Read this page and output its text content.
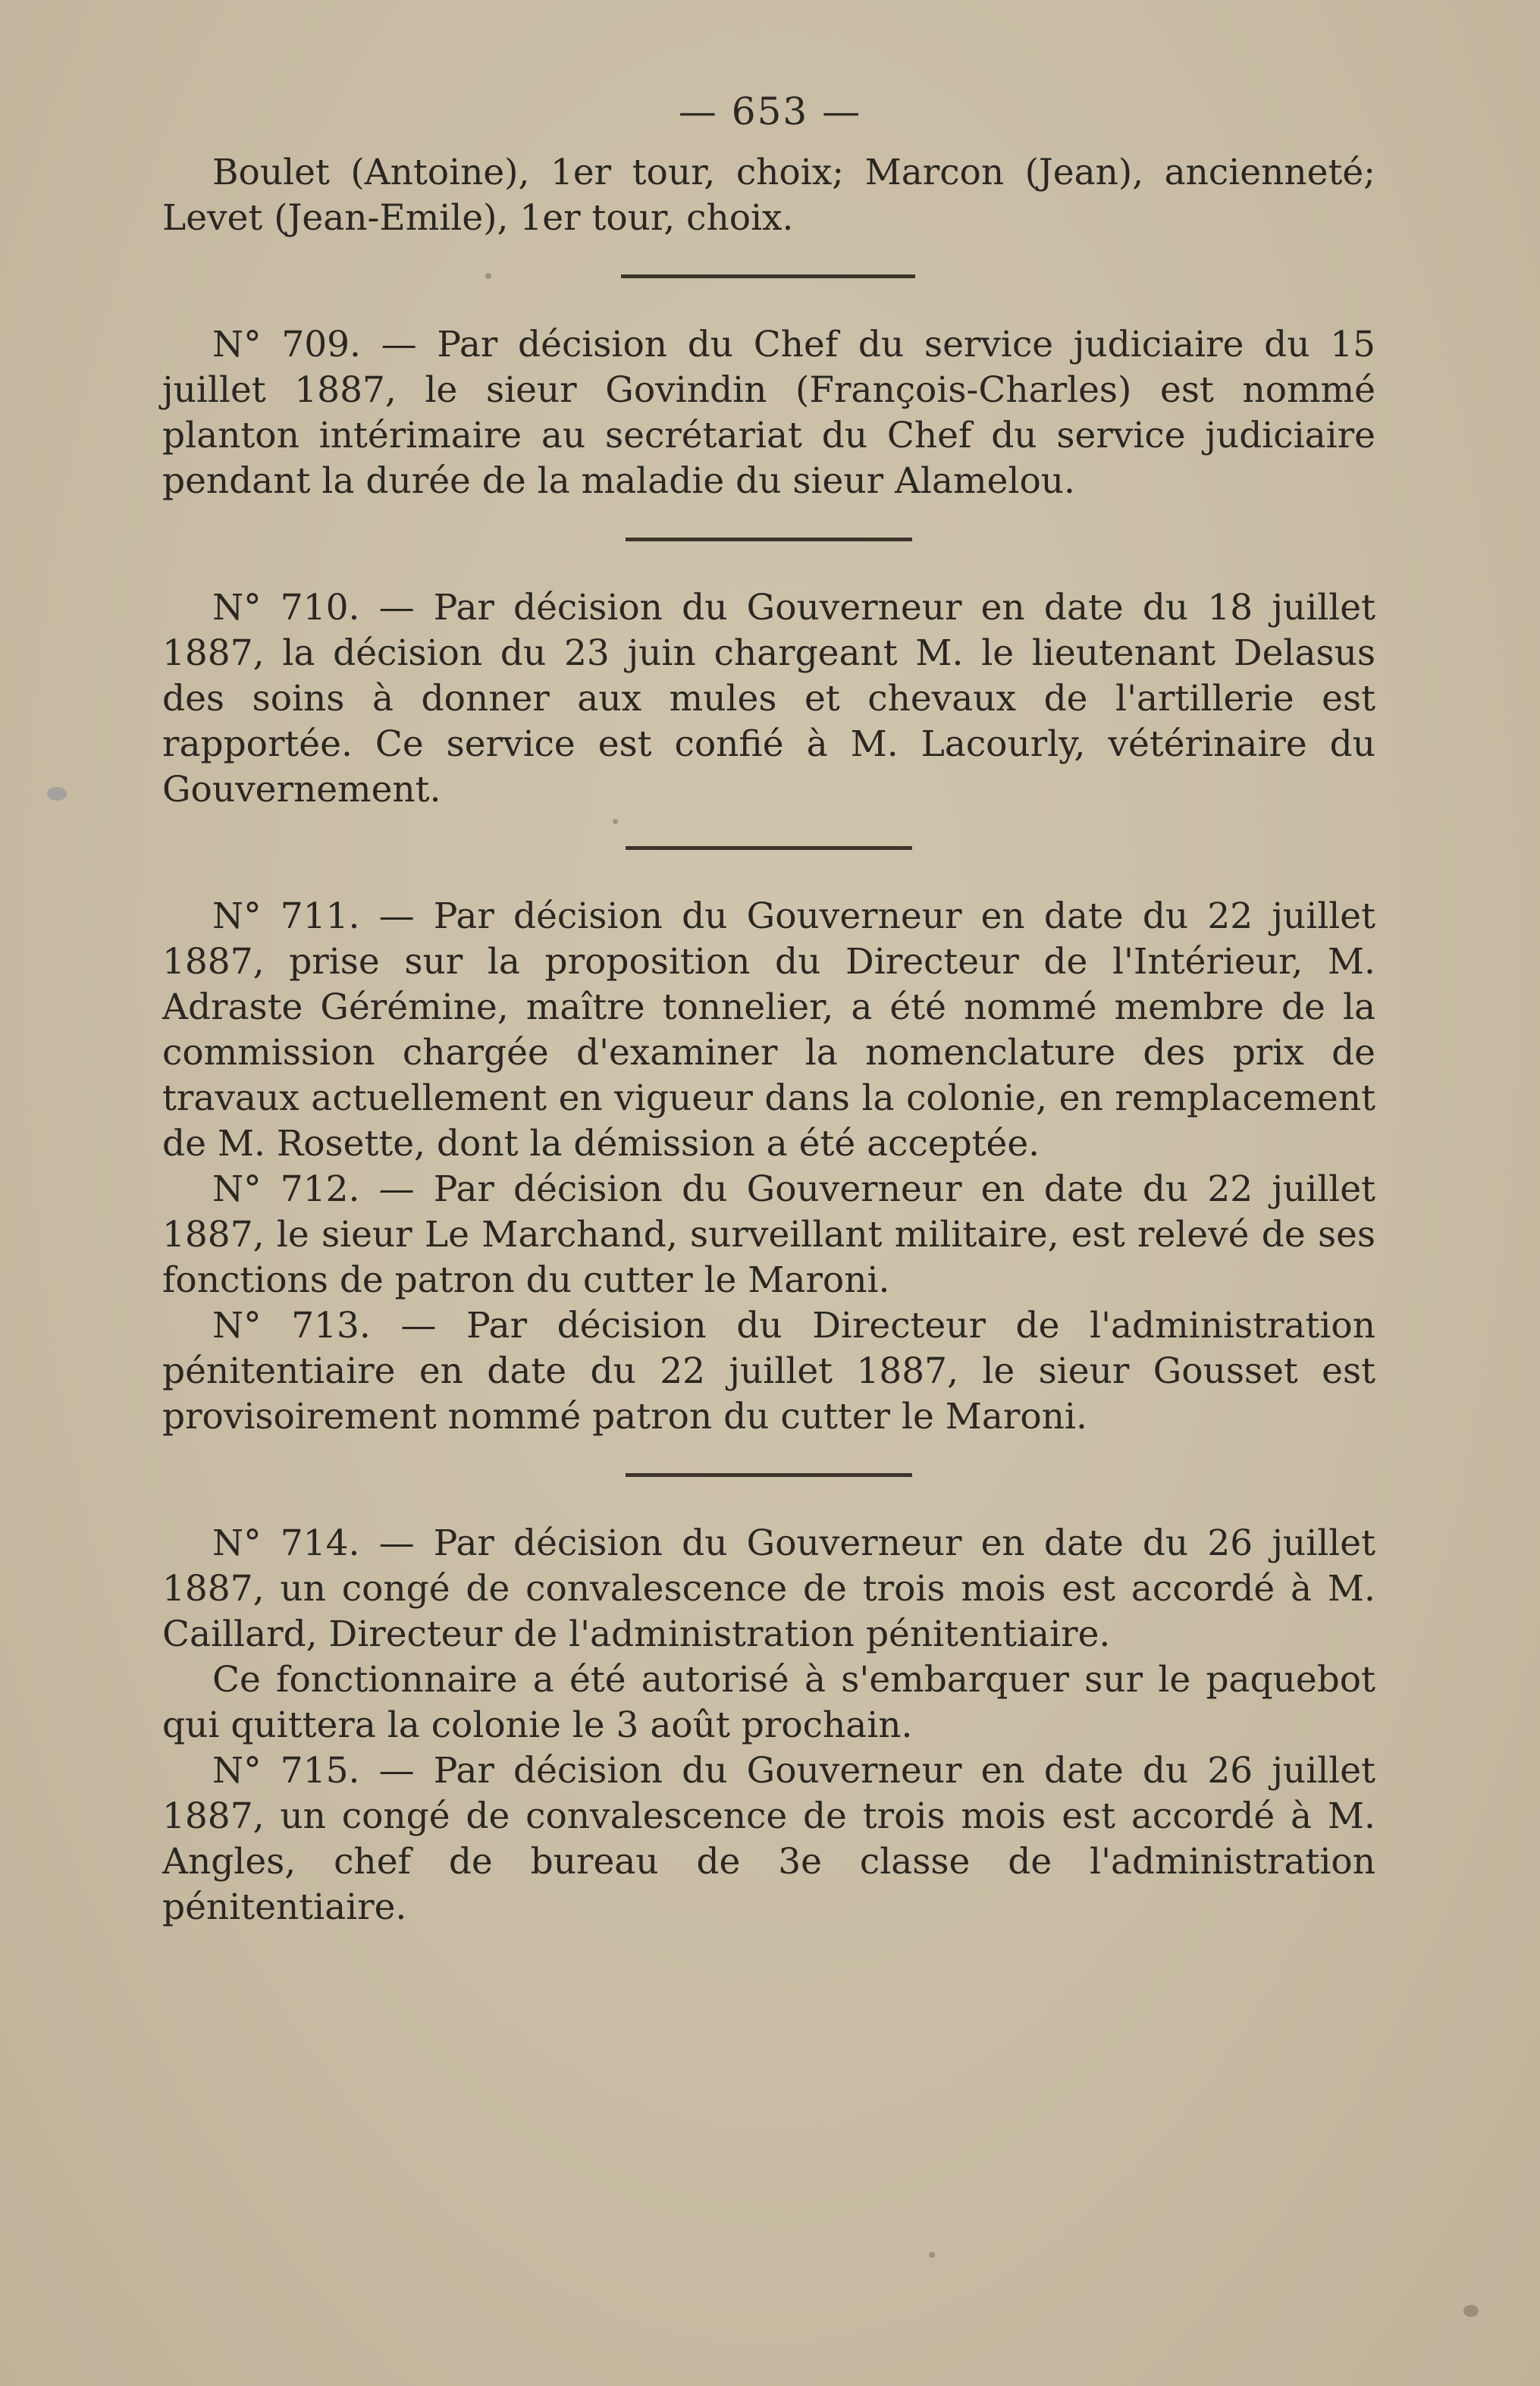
— 653 —

Boulet (Antoine), 1er tour, choix; Marcon (Jean), ancienneté; Levet (Jean-Emile), 1er tour, choix.

N° 709. — Par décision du Chef du service judiciaire du 15 juillet 1887, le sieur Govindin (François-Charles) est nommé planton intérimaire au secrétariat du Chef du service judiciaire pendant la durée de la maladie du sieur Alamelou.

N° 710. — Par décision du Gouverneur en date du 18 juillet 1887, la décision du 23 juin chargeant M. le lieutenant Delasus des soins à donner aux mules et chevaux de l'artillerie est rapportée. Ce service est confié à M. Lacourly, vétérinaire du Gouvernement.

N° 711. — Par décision du Gouverneur en date du 22 juillet 1887, prise sur la proposition du Directeur de l'Intérieur, M. Adraste Gérémine, maître tonnelier, a été nommé membre de la commission chargée d'examiner la nomenclature des prix de travaux actuellement en vigueur dans la colonie, en remplacement de M. Rosette, dont la démission a été acceptée.

N° 712. — Par décision du Gouverneur en date du 22 juillet 1887, le sieur Le Marchand, surveillant militaire, est relevé de ses fonctions de patron du cutter le Maroni.

N° 713. — Par décision du Directeur de l'administration pénitentiaire en date du 22 juillet 1887, le sieur Gousset est provisoirement nommé patron du cutter le Maroni.

N° 714. — Par décision du Gouverneur en date du 26 juillet 1887, un congé de convalescence de trois mois est accordé à M. Caillard, Directeur de l'administration pénitentiaire.

Ce fonctionnaire a été autorisé à s'embarquer sur le paquebot qui quittera la colonie le 3 août prochain.

N° 715. — Par décision du Gouverneur en date du 26 juillet 1887, un congé de convalescence de trois mois est accordé à M. Angles, chef de bureau de 3e classe de l'administration pénitentiaire.
